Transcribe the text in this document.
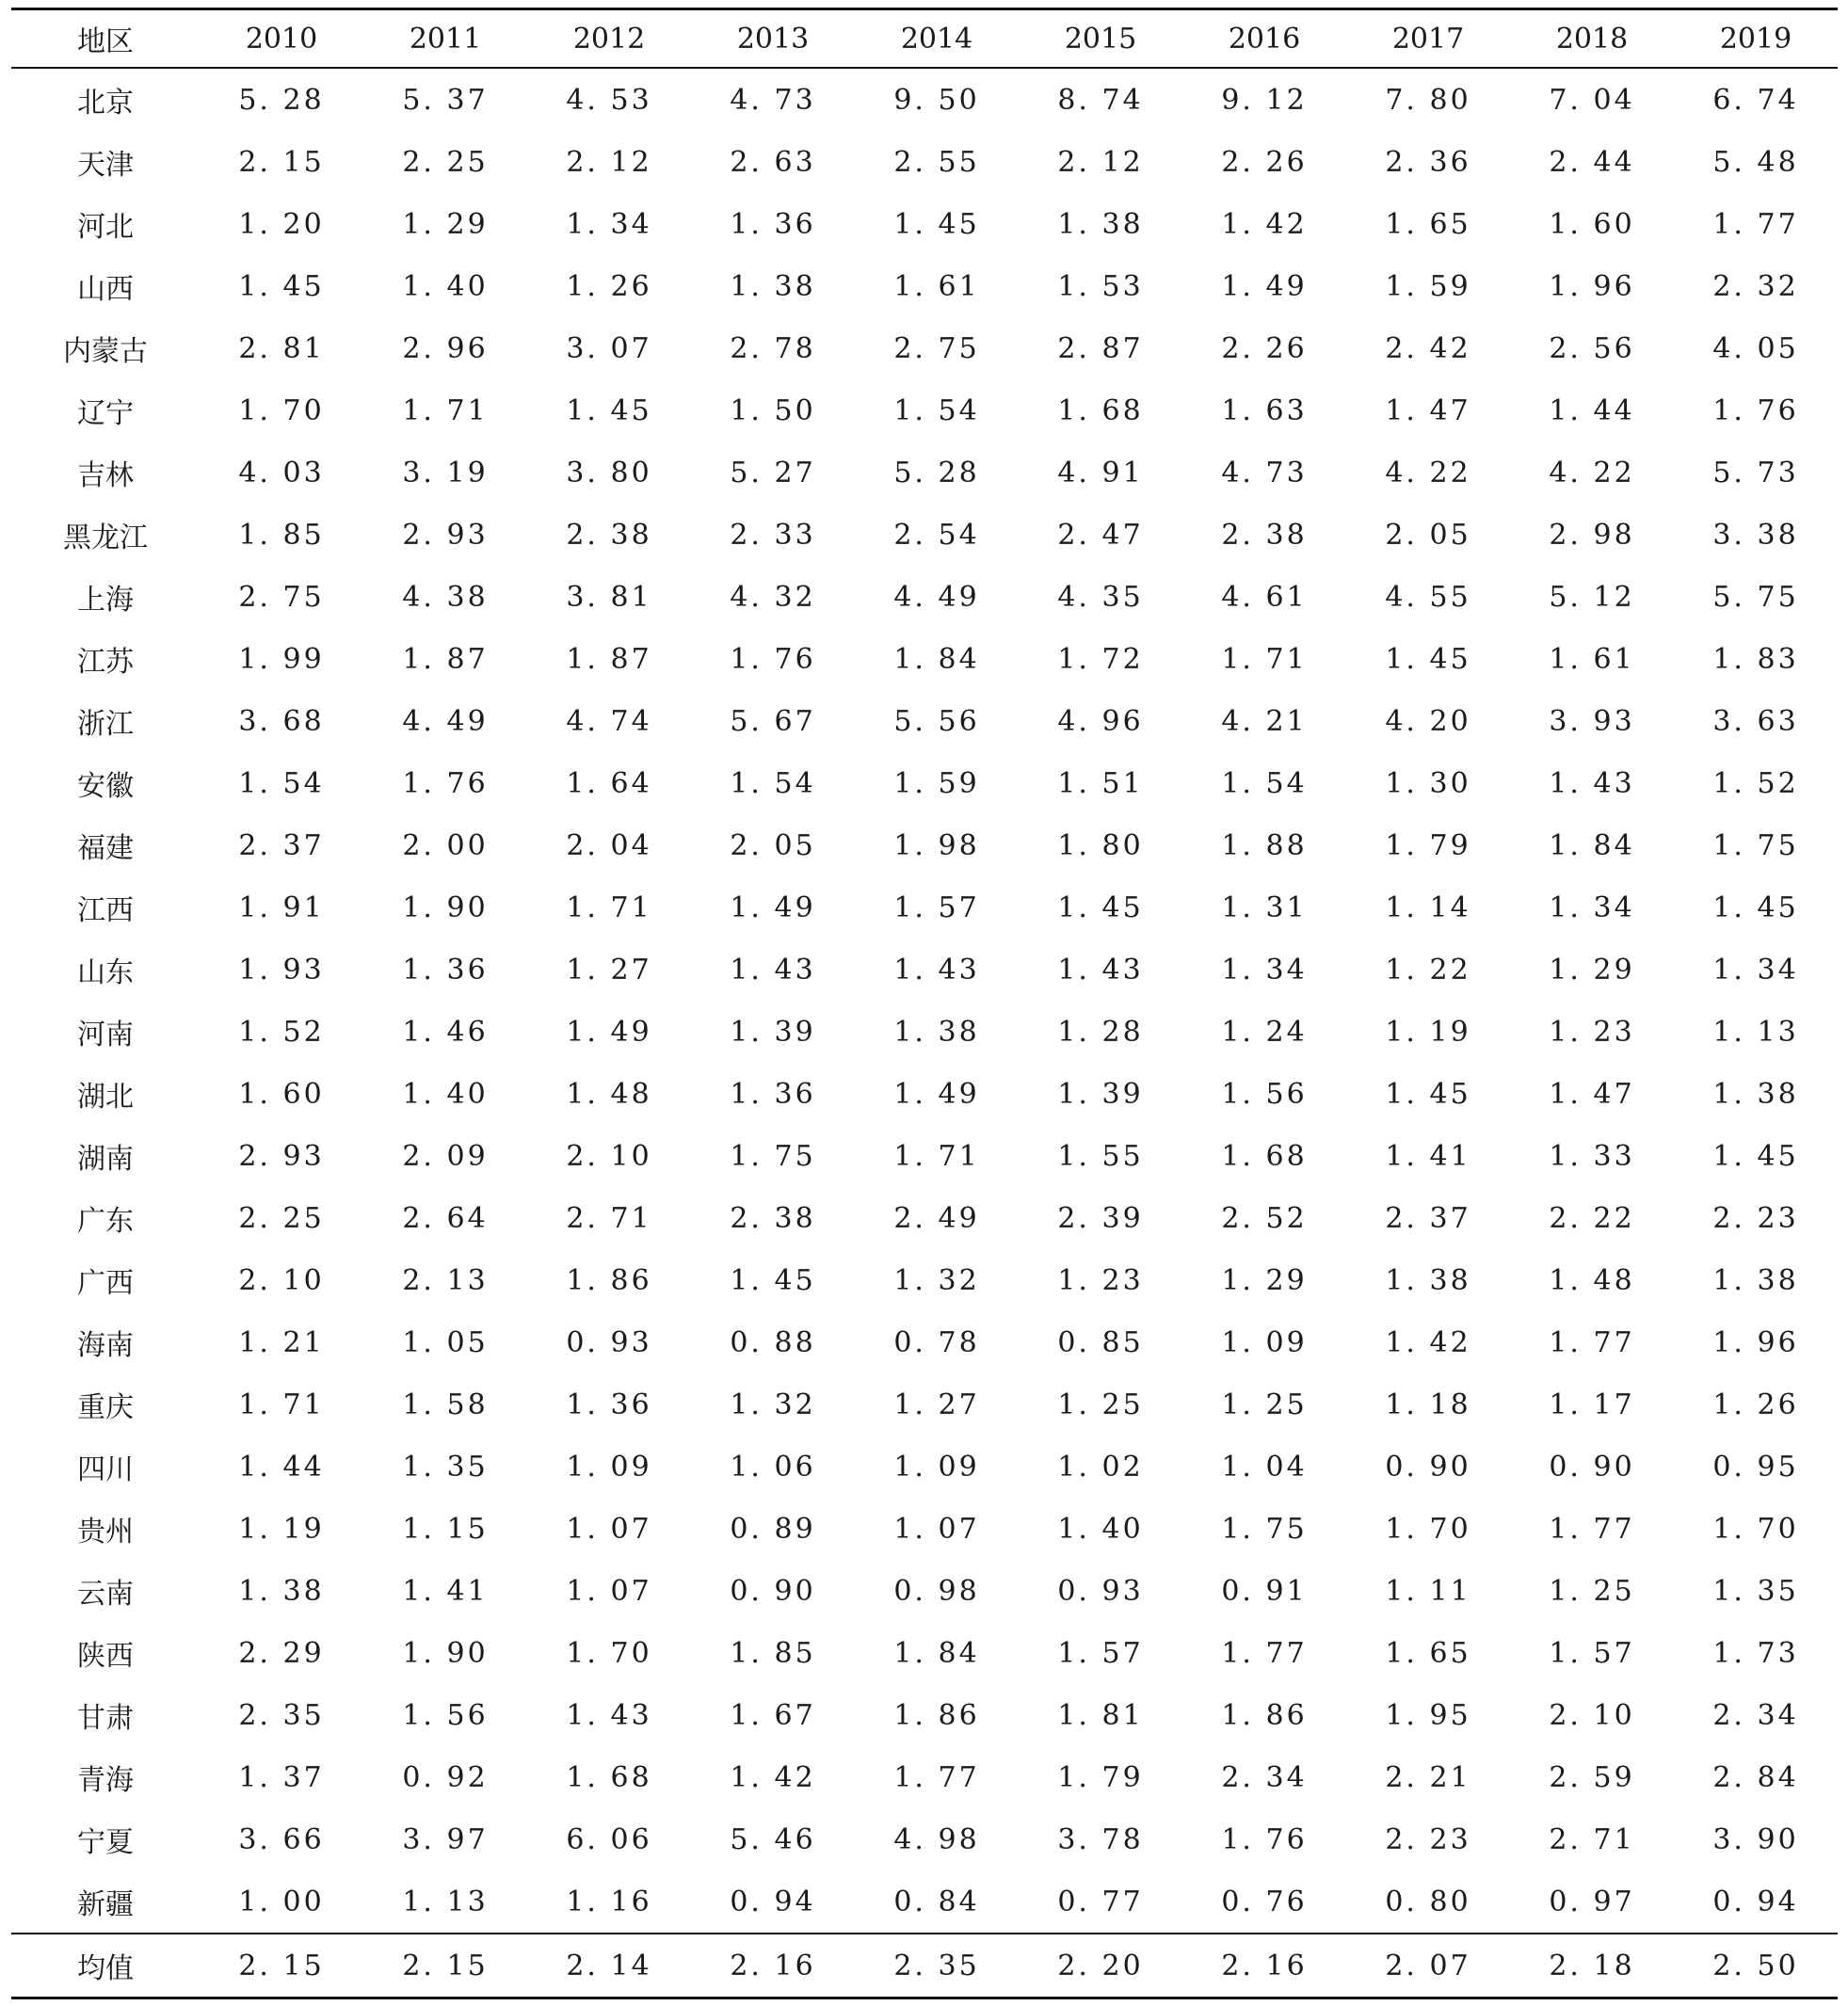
地区	2010	2011	2012	2013	2014	2015	2016	2017	2018	2019
北京	5. 28	5. 37	4. 53	4. 73	9. 50	8. 74	9. 12	7. 80	7. 04	6. 74
天津	2. 15	2. 25	2. 12	2. 63	2. 55	2. 12	2. 26	2. 36	2. 44	5. 48
河北	1. 20	1. 29	1. 34	1. 36	1. 45	1. 38	1. 42	1. 65	1. 60	1. 77
山西	1. 45	1. 40	1. 26	1. 38	1. 61	1. 53	1. 49	1. 59	1. 96	2. 32
内蒙古	2. 81	2. 96	3. 07	2. 78	2. 75	2. 87	2. 26	2. 42	2. 56	4. 05
辽宁	1. 70	1. 71	1. 45	1. 50	1. 54	1. 68	1. 63	1. 47	1. 44	1. 76
吉林	4. 03	3. 19	3. 80	5. 27	5. 28	4. 91	4. 73	4. 22	4. 22	5. 73
黑龙江	1. 85	2. 93	2. 38	2. 33	2. 54	2. 47	2. 38	2. 05	2. 98	3. 38
上海	2. 75	4. 38	3. 81	4. 32	4. 49	4. 35	4. 61	4. 55	5. 12	5. 75
江苏	1. 99	1. 87	1. 87	1. 76	1. 84	1. 72	1. 71	1. 45	1. 61	1. 83
浙江	3. 68	4. 49	4. 74	5. 67	5. 56	4. 96	4. 21	4. 20	3. 93	3. 63
安徽	1. 54	1. 76	1. 64	1. 54	1. 59	1. 51	1. 54	1. 30	1. 43	1. 52
福建	2. 37	2. 00	2. 04	2. 05	1. 98	1. 80	1. 88	1. 79	1. 84	1. 75
江西	1. 91	1. 90	1. 71	1. 49	1. 57	1. 45	1. 31	1. 14	1. 34	1. 45
山东	1. 93	1. 36	1. 27	1. 43	1. 43	1. 43	1. 34	1. 22	1. 29	1. 34
河南	1. 52	1. 46	1. 49	1. 39	1. 38	1. 28	1. 24	1. 19	1. 23	1. 13
湖北	1. 60	1. 40	1. 48	1. 36	1. 49	1. 39	1. 56	1. 45	1. 47	1. 38
湖南	2. 93	2. 09	2. 10	1. 75	1. 71	1. 55	1. 68	1. 41	1. 33	1. 45
广东	2. 25	2. 64	2. 71	2. 38	2. 49	2. 39	2. 52	2. 37	2. 22	2. 23
广西	2. 10	2. 13	1. 86	1. 45	1. 32	1. 23	1. 29	1. 38	1. 48	1. 38
海南	1. 21	1. 05	0. 93	0. 88	0. 78	0. 85	1. 09	1. 42	1. 77	1. 96
重庆	1. 71	1. 58	1. 36	1. 32	1. 27	1. 25	1. 25	1. 18	1. 17	1. 26
四川	1. 44	1. 35	1. 09	1. 06	1. 09	1. 02	1. 04	0. 90	0. 90	0. 95
贵州	1. 19	1. 15	1. 07	0. 89	1. 07	1. 40	1. 75	1. 70	1. 77	1. 70
云南	1. 38	1. 41	1. 07	0. 90	0. 98	0. 93	0. 91	1. 11	1. 25	1. 35
陕西	2. 29	1. 90	1. 70	1. 85	1. 84	1. 57	1. 77	1. 65	1. 57	1. 73
甘肃	2. 35	1. 56	1. 43	1. 67	1. 86	1. 81	1. 86	1. 95	2. 10	2. 34
青海	1. 37	0. 92	1. 68	1. 42	1. 77	1. 79	2. 34	2. 21	2. 59	2. 84
宁夏	3. 66	3. 97	6. 06	5. 46	4. 98	3. 78	1. 76	2. 23	2. 71	3. 90
新疆	1. 00	1. 13	1. 16	0. 94	0. 84	0. 77	0. 76	0. 80	0. 97	0. 94
均值	2. 15	2. 15	2. 14	2. 16	2. 35	2. 20	2. 16	2. 07	2. 18	2. 50
